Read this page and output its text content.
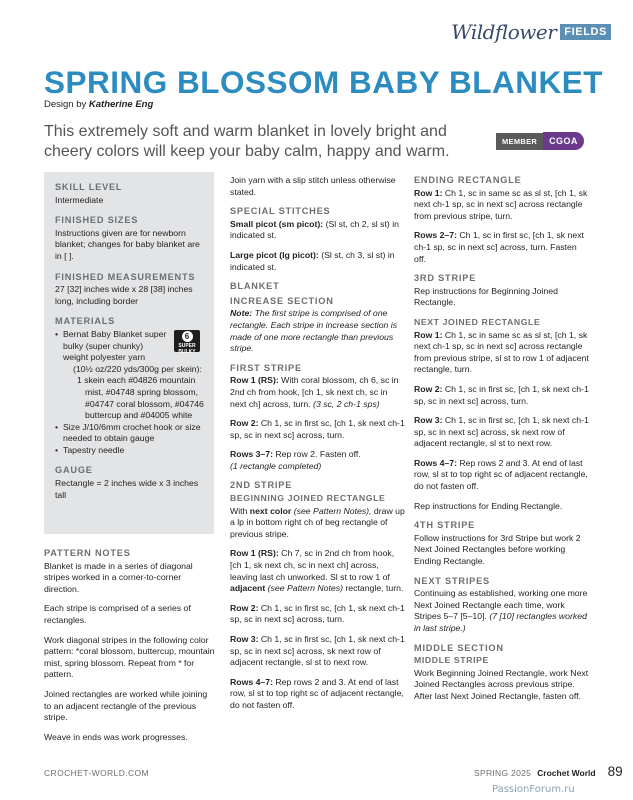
Wildflower FIELDS
SPRING BLOSSOM BABY BLANKET
Design by Katherine Eng
This extremely soft and warm blanket in lovely bright and cheery colors will keep your baby calm, happy and warm.
MEMBER	CGOA
SKILL LEVEL

Intermediate

FINISHED SIZES

Instructions given are for newborn blanket; changes for baby blanket are in [ ].

FINISHED MEASUREMENTS

27 [32] inches wide x 28 [38] inches long, including border

MATERIALS
• 6
SUPER BULKY
Bernat Baby Blanket super bulky (super chunky) weight polyester yarn
(10½ oz/220 yds/300g per skein):
1 skein each #04826 mountain mist, #04748 spring blossom, #04747 coral blossom, #04746 buttercup and #04005 white
• Size J/10/6mm crochet hook or size needed to obtain gauge
• Tapestry needle
GAUGE

Rectangle = 2 inches wide x 3 inches tall

PATTERN NOTES

Blanket is made in a series of diagonal stripes worked in a corner-to-corner direction.

Each stripe is comprised of a series of rectangles.

Work diagonal stripes in the following color pattern: *coral blossom, buttercup, mountain mist, spring blossom. Repeat from * for pattern.

Joined rectangles are worked while joining to an adjacent rectangle of the previous stripe.

Weave in ends was work progresses.

Join yarn with a slip stitch unless otherwise stated.

SPECIAL STITCHES

Small picot (sm picot): (Sl st, ch 2, sl st) in indicated st.

Large picot (lg picot): (Sl st, ch 3, sl st) in indicated st.

BLANKET
INCREASE SECTION

Note: The first stripe is comprised of one rectangle. Each stripe in increase section is made of one more rectangle than previous stripe.

FIRST STRIPE

Row 1 (RS): With coral blossom, ch 6, sc in 2nd ch from hook, [ch 1, sk next ch, sc in next ch] across, turn. (3 sc, 2 ch-1 sps)

Row 2: Ch 1, sc in first sc, [ch 1, sk next ch-1 sp, sc in next sc] across, turn.

Rows 3–7: Rep row 2. Fasten off.
(1 rectangle completed)

2ND STRIPE
BEGINNING JOINED RECTANGLE

With next color (see Pattern Notes), draw up a lp in bottom right ch of beg rectangle of previous stripe.

Row 1 (RS): Ch 7, sc in 2nd ch from hook, [ch 1, sk next ch, sc in next ch] across, leaving last ch unworked. Sl st to row 1 of adjacent (see Pattern Notes) rectangle, turn.

Row 2: Ch 1, sc in first sc, [ch 1, sk next ch-1 sp, sc in next sc] across, turn.

Row 3: Ch 1, sc in first sc, [ch 1, sk next ch-1 sp, sc in next sc] across, sk next row of adjacent rectangle, sl st to next row.

Rows 4–7: Rep rows 2 and 3. At end of last row, sl st to top right sc of adjacent rectangle, do not fasten off.

ENDING RECTANGLE

Row 1: Ch 1, sc in same sc as sl st, [ch 1, sk next ch-1 sp, sc in next sc] across rectangle from previous stripe, turn.

Rows 2–7: Ch 1, sc in first sc, [ch 1, sk next ch-1 sp, sc in next sc] across, turn. Fasten off.

3RD STRIPE

Rep instructions for Beginning Joined Rectangle.

NEXT JOINED RECTANGLE

Row 1: Ch 1, sc in same sc as sl st, [ch 1, sk next ch-1 sp, sc in next sc] across rectangle from previous stripe, sl st to row 1 of adjacent rectangle, turn.

Row 2: Ch 1, sc in first sc, [ch 1, sk next ch-1 sp, sc in next sc] across, turn.

Row 3: Ch 1, sc in first sc, [ch 1, sk next ch-1 sp, sc in next sc] across, sk next row of adjacent rectangle, sl st to next row.

Rows 4–7: Rep rows 2 and 3. At end of last row, sl st to top right sc of adjacent rectangle, do not fasten off.

Rep instructions for Ending Rectangle.

4TH STRIPE

Follow instructions for 3rd Stripe but work 2 Next Joined Rectangles before working Ending Rectangle.

NEXT STRIPES

Continuing as established, working one more Next Joined Rectangle each time, work Stripes 5–7 [5–10]. (7 [10] rectangles worked in last stripe.)

MIDDLE SECTION
MIDDLE STRIPE

Work Beginning Joined Rectangle, work Next Joined Rectangles across previous stripe. After last Next Joined Rectangle, fasten off.

CROCHET-WORLD.COM	SPRING 2025 Crochet World 89
PassionForum.ru
